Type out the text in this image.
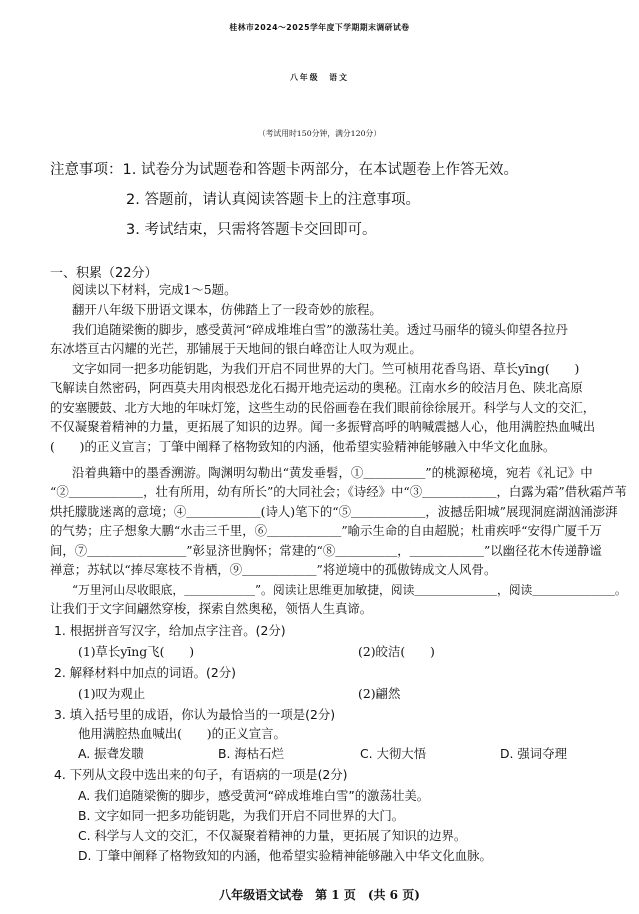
桂林市2024～2025学年度下学期期末调研试卷
八年级　语文
（考试用时150分钟，满分120分）
注意事项：1. 试卷分为试题卷和答题卡两部分，在本试题卷上作答无效。
2. 答题前，请认真阅读答题卡上的注意事项。
3. 考试结束，只需将答题卡交回即可。
一、积累（22分）
阅读以下材料，完成1～5题。
翻开八年级下册语文课本，仿佛踏上了一段奇妙的旅程。
我们追随梁衡的脚步，感受黄河“碎成堆堆白雪”的激荡壮美。透过马丽华的镜头仰望各拉丹
东冰塔亘古闪耀的光芒，那铺展于天地间的银白峰峦让人叹为观止。
文字如同一把多功能钥匙，为我们开启不同世界的大门。竺可桢用花香鸟语、草长yīng(　　)
飞解读自然密码，阿西莫夫用肉根恐龙化石揭开地壳运动的奥秘。江南水乡的皎洁月色、陕北高原
的安塞腰鼓、北方大地的年味灯笼，这些生动的民俗画卷在我们眼前徐徐展开。科学与人文的交汇，
不仅凝聚着精神的力量，更拓展了知识的边界。闻一多振臂高呼的呐喊震撼人心，他用满腔热血喊出
(　　)的正义宣言；丁肇中阐释了格物致知的内涵，他希望实验精神能够融入中华文化血脉。
沿着典籍中的墨香溯游。陶渊明勾勒出“黄发垂髫，①＿＿＿＿＿”的桃源秘境，宛若《礼记》中
“②＿＿＿＿＿＿，壮有所用，幼有所长”的大同社会；《诗经》中“③＿＿＿＿＿＿，白露为霜”借秋霜芦苇
烘托朦胧迷离的意境；④＿＿＿＿＿＿(诗人)笔下的“⑤＿＿＿＿＿＿，波撼岳阳城”展现洞庭湖汹涌澎湃
的气势；庄子想象大鹏“水击三千里，⑥＿＿＿＿＿＿”喻示生命的自由超脱；杜甫疾呼“安得广厦千万
间，⑦＿＿＿＿＿＿＿＿”彰显济世胸怀；常建的“⑧＿＿＿＿＿，＿＿＿＿＿＿”以幽径花木传递静谧
禅意；苏轼以“捧尽寒枝不肯栖，⑨＿＿＿＿＿＿”将逆境中的孤傲铸成文人风骨。
“万里河山尽收眼底，＿＿＿＿＿＿”。阅读让思维更加敏捷，阅读＿＿＿＿＿＿＿，阅读＿＿＿＿＿＿＿。
让我们于文字间翩然穿梭，探索自然奥秘，领悟人生真谛。
1. 根据拼音写汉字，给加点字注音。(2分)
(1)草长yīng飞(　　)	(2)皎洁(　　)
2. 解释材料中加点的词语。(2分)
(1)叹为观止	(2)翩然
3. 填入括号里的成语，你认为最恰当的一项是(2分)
他用满腔热血喊出(　　)的正义宣言。
A. 振聋发聩	B. 海枯石烂	C. 大彻大悟	D. 强词夺理
4. 下列从文段中选出来的句子，有语病的一项是(2分)
A. 我们追随梁衡的脚步，感受黄河“碎成堆堆白雪”的激荡壮美。
B. 文字如同一把多功能钥匙，为我们开启不同世界的大门。
C. 科学与人文的交汇，不仅凝聚着精神的力量，更拓展了知识的边界。
D. 丁肇中阐释了格物致知的内涵，他希望实验精神能够融入中华文化血脉。
八年级语文试卷　第 1 页　(共 6 页)
